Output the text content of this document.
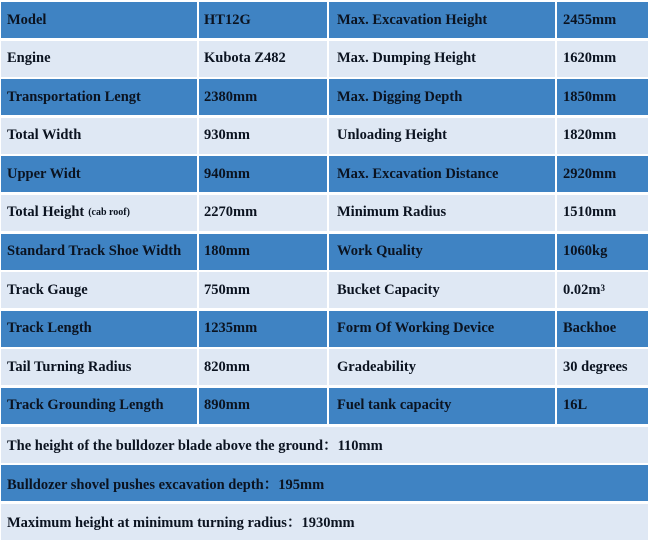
Model	HT12G	Max. Excavation Height	2455mm
Engine	Kubota Z482	Max. Dumping Height	1620mm
Transportation Lengt	2380mm	Max. Digging Depth	1850mm
Total Width	930mm	Unloading Height	1820mm
Upper Widt	940mm	Max. Excavation Distance	2920mm
Total Height (cab roof)	2270mm	Minimum Radius	1510mm
Standard Track Shoe Width	180mm	Work Quality	1060kg
Track Gauge	750mm	Bucket Capacity	$0.02m^3$
Track Length	1235mm	Form Of Working Device	Backhoe
Tail Turning Radius	820mm	Gradeability	30 degrees
Track Grounding Length	890mm	Fuel tank capacity	16L
The height of the bulldozer blade above the ground：110mm
Bulldozer shovel pushes excavation depth：195mm
Maximum height at minimum turning radius：1930mm
